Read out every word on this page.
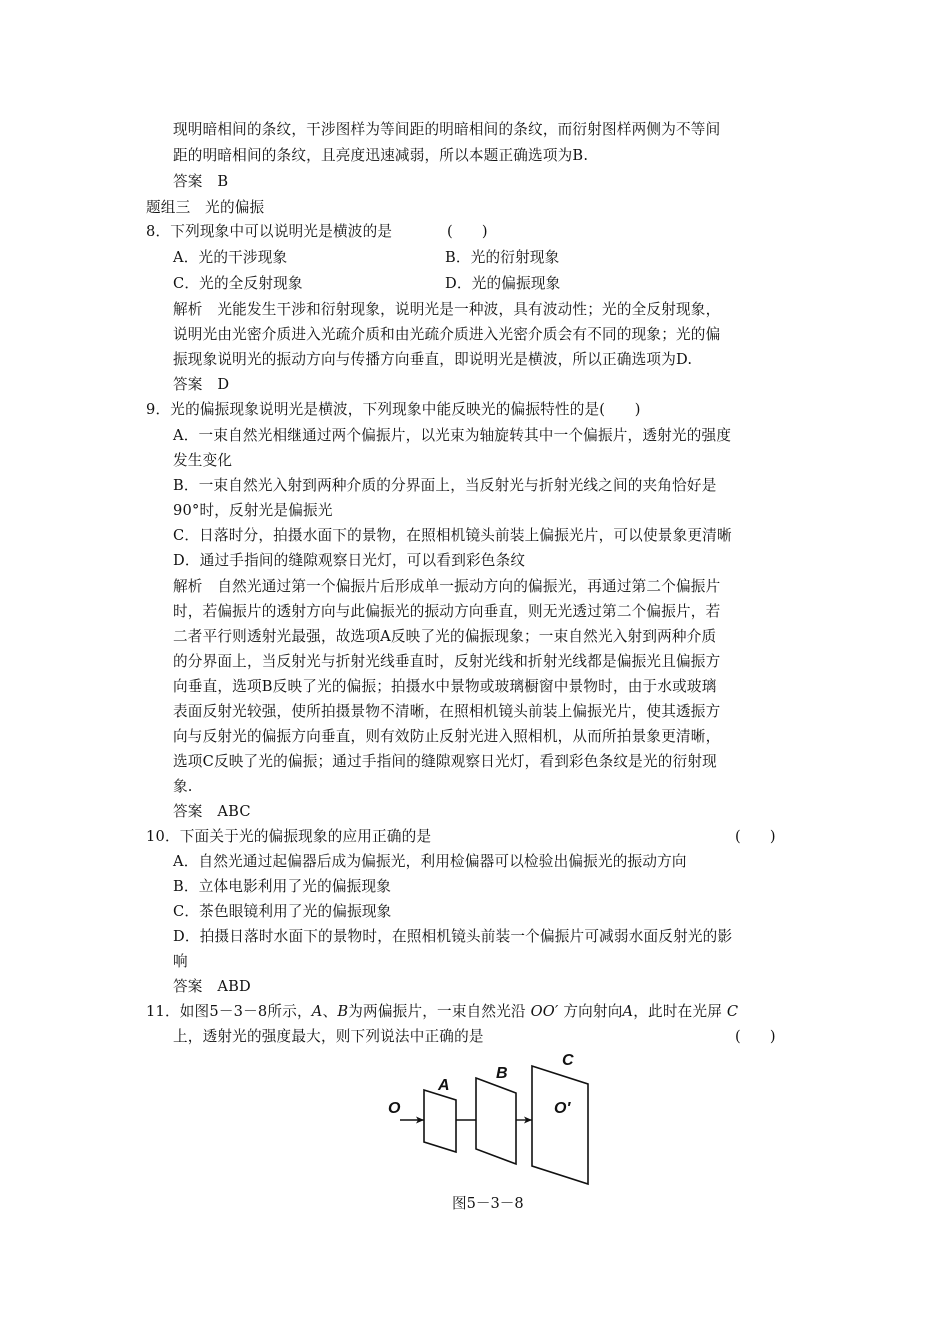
现明暗相间的条纹，干涉图样为等间距的明暗相间的条纹，而衍射图样两侧为不等间
距的明暗相间的条纹，且亮度迅速减弱，所以本题正确选项为B.
答案　B
题组三　光的偏振
8．下列现象中可以说明光是横波的是	(　　)
A．光的干涉现象	B．光的衍射现象
C．光的全反射现象	D．光的偏振现象
解析　光能发生干涉和衍射现象，说明光是一种波，具有波动性；光的全反射现象，
说明光由光密介质进入光疏介质和由光疏介质进入光密介质会有不同的现象；光的偏
振现象说明光的振动方向与传播方向垂直，即说明光是横波，所以正确选项为D.
答案　D
9．光的偏振现象说明光是横波，下列现象中能反映光的偏振特性的是(　　)
A．一束自然光相继通过两个偏振片，以光束为轴旋转其中一个偏振片，透射光的强度
发生变化
B．一束自然光入射到两种介质的分界面上，当反射光与折射光线之间的夹角恰好是
90°时，反射光是偏振光
C．日落时分，拍摄水面下的景物，在照相机镜头前装上偏振光片，可以使景象更清晰
D．通过手指间的缝隙观察日光灯，可以看到彩色条纹
解析　自然光通过第一个偏振片后形成单一振动方向的偏振光，再通过第二个偏振片
时，若偏振片的透射方向与此偏振光的振动方向垂直，则无光透过第二个偏振片，若
二者平行则透射光最强，故选项A反映了光的偏振现象；一束自然光入射到两种介质
的分界面上，当反射光与折射光线垂直时，反射光线和折射光线都是偏振光且偏振方
向垂直，选项B反映了光的偏振；拍摄水中景物或玻璃橱窗中景物时，由于水或玻璃
表面反射光较强，使所拍摄景物不清晰，在照相机镜头前装上偏振光片，使其透振方
向与反射光的偏振方向垂直，则有效防止反射光进入照相机，从而所拍景象更清晰，
选项C反映了光的偏振；通过手指间的缝隙观察日光灯，看到彩色条纹是光的衍射现
象.
答案　ABC
10．下面关于光的偏振现象的应用正确的是	(　　)
A．自然光通过起偏器后成为偏振光，利用检偏器可以检验出偏振光的振动方向
B．立体电影利用了光的偏振现象
C．茶色眼镜利用了光的偏振现象
D．拍摄日落时水面下的景物时，在照相机镜头前装一个偏振片可减弱水面反射光的影
响
答案　ABD
11．如图5－3－8所示，A、B为两偏振片，一束自然光沿 OO′ 方向射向A，此时在光屏 C
上，透射光的强度最大，则下列说法中正确的是	(　　)
O
A
B
C
O′
图5－3－8
